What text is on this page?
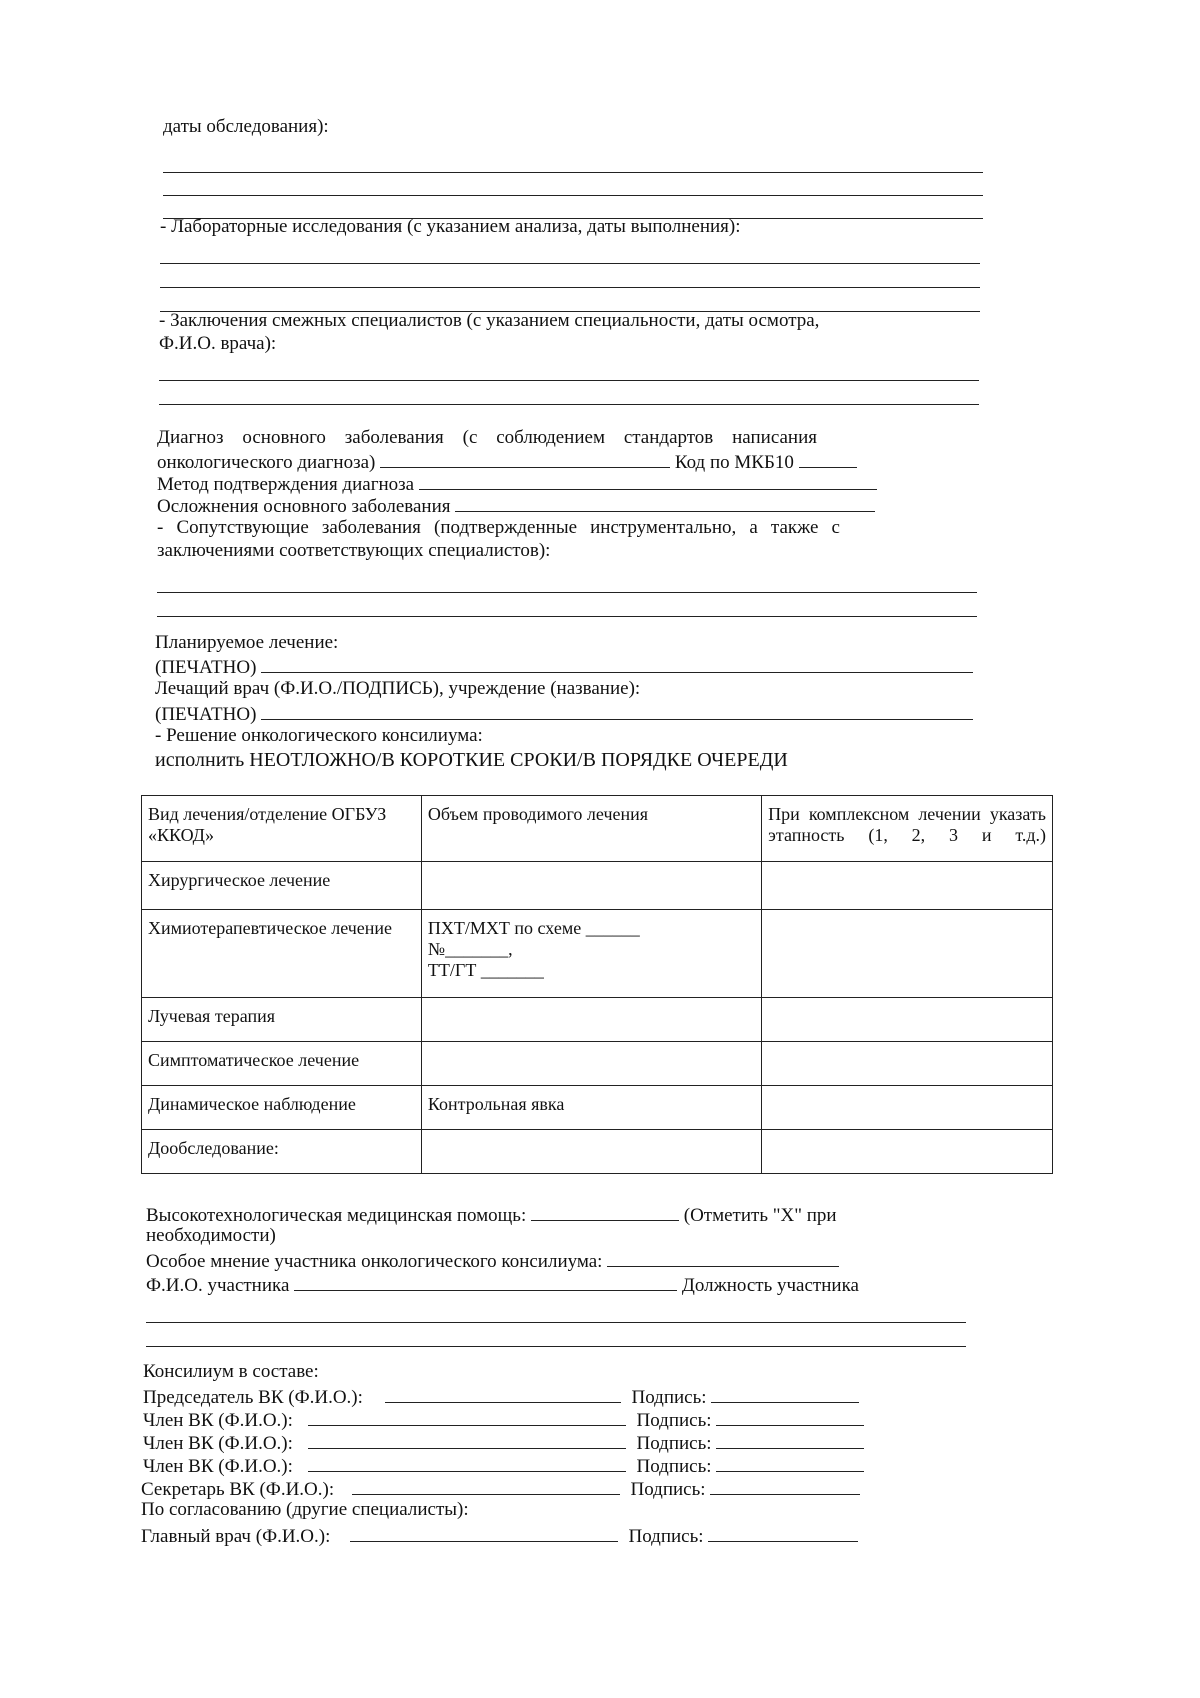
даты обследования):
- Лабораторные исследования (с указанием анализа, даты выполнения):
- Заключения смежных специалистов (с указанием специальности, даты осмотра,
Ф.И.О. врача):
Диагноз основного заболевания (с соблюдением стандартов написания
онкологического диагноза)	Код по МКБ10
Метод подтверждения диагноза
Осложнения основного заболевания
- Сопутствующие заболевания (подтвержденные инструментально, а также с
заключениями соответствующих специалистов):
Планируемое лечение:
(ПЕЧАТНО)
Лечащий врач (Ф.И.О./ПОДПИСЬ), учреждение (название):
(ПЕЧАТНО)
- Решение онкологического консилиума:
исполнить НЕОТЛОЖНО/В КОРОТКИЕ СРОКИ/В ПОРЯДКЕ ОЧЕРЕДИ
Вид лечения/отделение ОГБУЗ «ККОД»	Объем проводимого лечения	При комплексном лечении указать этапность (1, 2, 3 и т.д.)

Хирургическое лечение		
Химиотерапевтическое лечение	ПХТ/МХТ по схеме ______
№_______,
ТТ/ГТ _______	

Лучевая терапия		
Симптоматическое лечение		
Динамическое наблюдение	Контрольная явка	
Дообследование:		
Высокотехнологическая медицинская помощь:	(Отметить "Х" при
необходимости)
Особое мнение участника онкологического консилиума:
Ф.И.О. участника	Должность участника
Консилиум в составе:
Председатель ВК (Ф.И.О.):	Подпись:
Член ВК (Ф.И.О.):	Подпись:
Член ВК (Ф.И.О.):	Подпись:
Член ВК (Ф.И.О.):	Подпись:
Секретарь ВК (Ф.И.О.):	Подпись:
По согласованию (другие специалисты):
Главный врач (Ф.И.О.):	Подпись:
